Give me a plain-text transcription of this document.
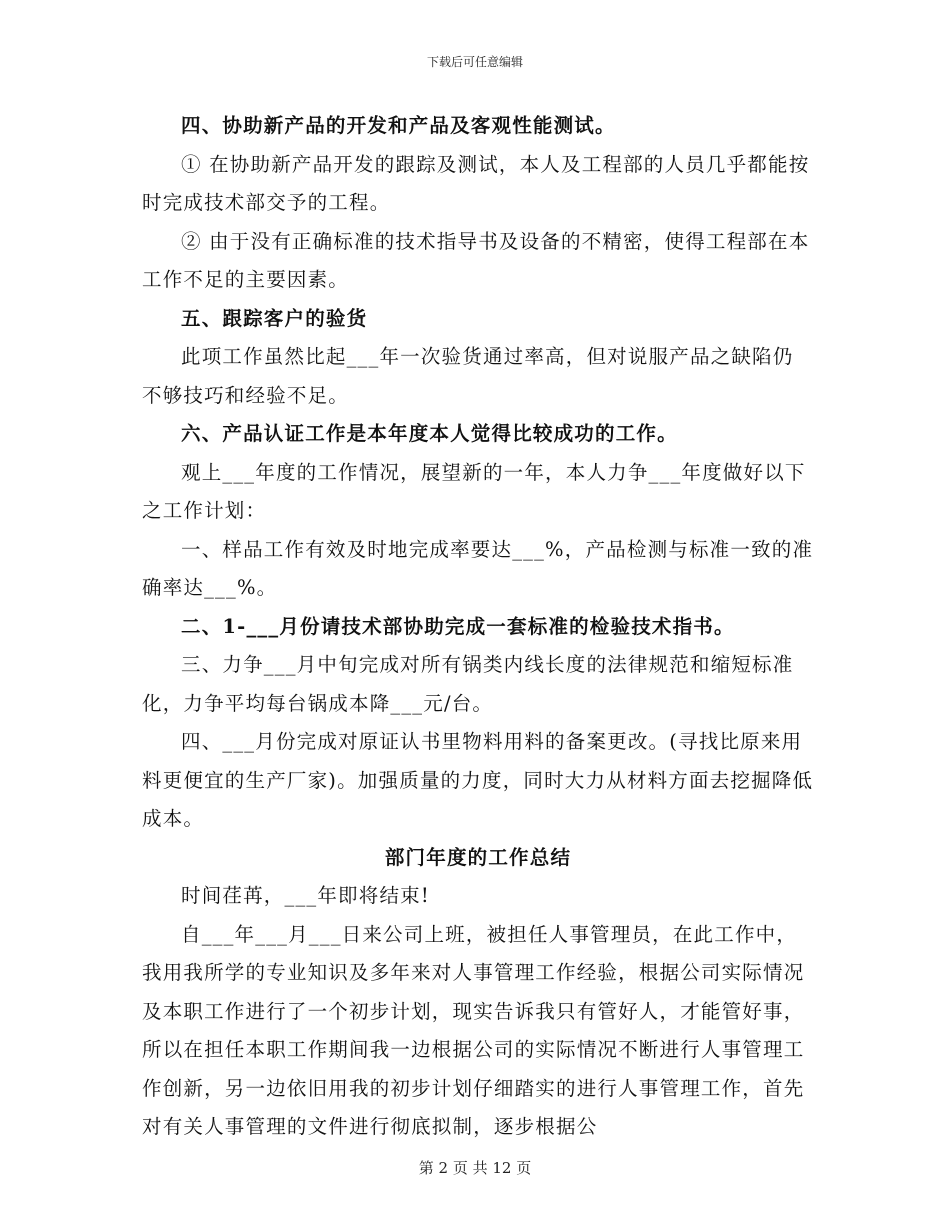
下载后可任意编辑

四、协助新产品的开发和产品及客观性能测试。

① 在协助新产品开发的跟踪及测试，本人及工程部的人员几乎都能按时完成技术部交予的工程。

② 由于没有正确标准的技术指导书及设备的不精密，使得工程部在本工作不足的主要因素。

五、跟踪客户的验货

此项工作虽然比起___年一次验货通过率高，但对说服产品之缺陷仍不够技巧和经验不足。

六、产品认证工作是本年度本人觉得比较成功的工作。

观上___年度的工作情况，展望新的一年，本人力争___年度做好以下之工作计划：

一、样品工作有效及时地完成率要达___%，产品检测与标准一致的准确率达___%。

二、1-___月份请技术部协助完成一套标准的检验技术指书。

三、力争___月中旬完成对所有锅类内线长度的法律规范和缩短标准化，力争平均每台锅成本降___元/台。

四、___月份完成对原证认书里物料用料的备案更改。(寻找比原来用料更便宜的生产厂家)。加强质量的力度，同时大力从材料方面去挖掘降低成本。

部门年度的工作总结

时间荏苒，___年即将结束!

自___年___月___日来公司上班，被担任人事管理员，在此工作中，我用我所学的专业知识及多年来对人事管理工作经验，根据公司实际情况及本职工作进行了一个初步计划，现实告诉我只有管好人，才能管好事，所以在担任本职工作期间我一边根据公司的实际情况不断进行人事管理工作创新，另一边依旧用我的初步计划仔细踏实的进行人事管理工作，首先对有关人事管理的文件进行彻底拟制，逐步根据公

第 2 页 共 12 页
